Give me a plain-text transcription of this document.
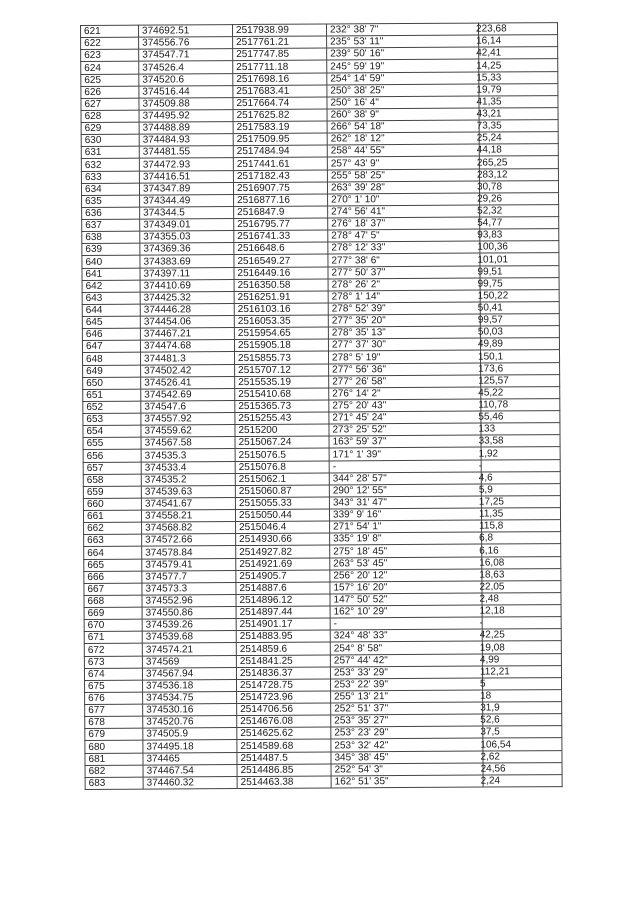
621	374692.51	2517938.99	232° 38' 7"	223,68
622	374556.76	2517761.21	235° 53' 11"	16,14
623	374547.71	2517747.85	239° 50' 16"	42,41
624	374526.4	2517711.18	245° 59' 19"	14,25
625	374520.6	2517698.16	254° 14' 59"	15,33
626	374516.44	2517683.41	250° 38' 25"	19,79
627	374509.88	2517664.74	250° 16' 4"	41,35
628	374495.92	2517625.82	260° 38' 9"	43,21
629	374488.89	2517583.19	266° 54' 18"	73,35
630	374484.93	2517509.95	262° 18' 12"	25,24
631	374481.55	2517484.94	258° 44' 55"	44,18
632	374472.93	2517441.61	257° 43' 9"	265,25
633	374416.51	2517182.43	255° 58' 25"	283,12
634	374347.89	2516907.75	263° 39' 28"	30,78
635	374344.49	2516877.16	270° 1' 10"	29,26
636	374344.5	2516847.9	274° 56' 41"	52,32
637	374349.01	2516795.77	276° 18' 37"	54,77
638	374355.03	2516741.33	278° 47' 5"	93,83
639	374369.36	2516648.6	278° 12' 33"	100,36
640	374383.69	2516549.27	277° 38' 6"	101,01
641	374397.11	2516449.16	277° 50' 37"	99,51
642	374410.69	2516350.58	278° 26' 2"	99,75
643	374425.32	2516251.91	278° 1' 14"	150,22
644	374446.28	2516103.16	278° 52' 39"	50,41
645	374454.06	2516053.35	277° 35' 20"	99,57
646	374467.21	2515954.65	278° 35' 13"	50,03
647	374474.68	2515905.18	277° 37' 30"	49,89
648	374481.3	2515855.73	278° 5' 19"	150,1
649	374502.42	2515707.12	277° 56' 36"	173,6
650	374526.41	2515535.19	277° 26' 58"	125,57
651	374542.69	2515410.68	276° 14' 2"	45,22
652	374547.6	2515365.73	275° 20' 43"	110,78
653	374557.92	2515255.43	271° 45' 24"	55,46
654	374559.62	2515200	273° 25' 52"	133
655	374567.58	2515067.24	163° 59' 37"	33,58
656	374535.3	2515076.5	171° 1' 39"	1,92
657	374533.4	2515076.8	-	-
658	374535.2	2515062.1	344° 28' 57"	4,6
659	374539.63	2515060.87	290° 12' 55"	5,9
660	374541.67	2515055.33	343° 31' 47"	17,25
661	374558.21	2515050.44	339° 9' 16"	11,35
662	374568.82	2515046.4	271° 54' 1"	115,8
663	374572.66	2514930.66	335° 19' 8"	6,8
664	374578.84	2514927.82	275° 18' 45"	6,16
665	374579.41	2514921.69	263° 53' 45"	16,08
666	374577.7	2514905.7	256° 20' 12"	18,63
667	374573.3	2514887.6	157° 16' 20"	22,05
668	374552.96	2514896.12	147° 50' 52"	2,48
669	374550.86	2514897.44	162° 10' 29"	12,18
670	374539.26	2514901.17	-	-
671	374539.68	2514883.95	324° 48' 33"	42,25
672	374574.21	2514859.6	254° 8' 58"	19,08
673	374569	2514841.25	257° 44' 42"	4,99
674	374567.94	2514836.37	253° 33' 29"	112,21
675	374536.18	2514728.75	253° 22' 39"	5
676	374534.75	2514723.96	255° 13' 21"	18
677	374530.16	2514706.56	252° 51' 37"	31,9
678	374520.76	2514676.08	253° 35' 27"	52,6
679	374505.9	2514625.62	253° 23' 29"	37,5
680	374495.18	2514589.68	253° 32' 42"	106,54
681	374465	2514487.5	345° 38' 45"	2,62
682	374467.54	2514486.85	252° 54' 3"	24,56
683	374460.32	2514463.38	162° 51' 35"	2,24
